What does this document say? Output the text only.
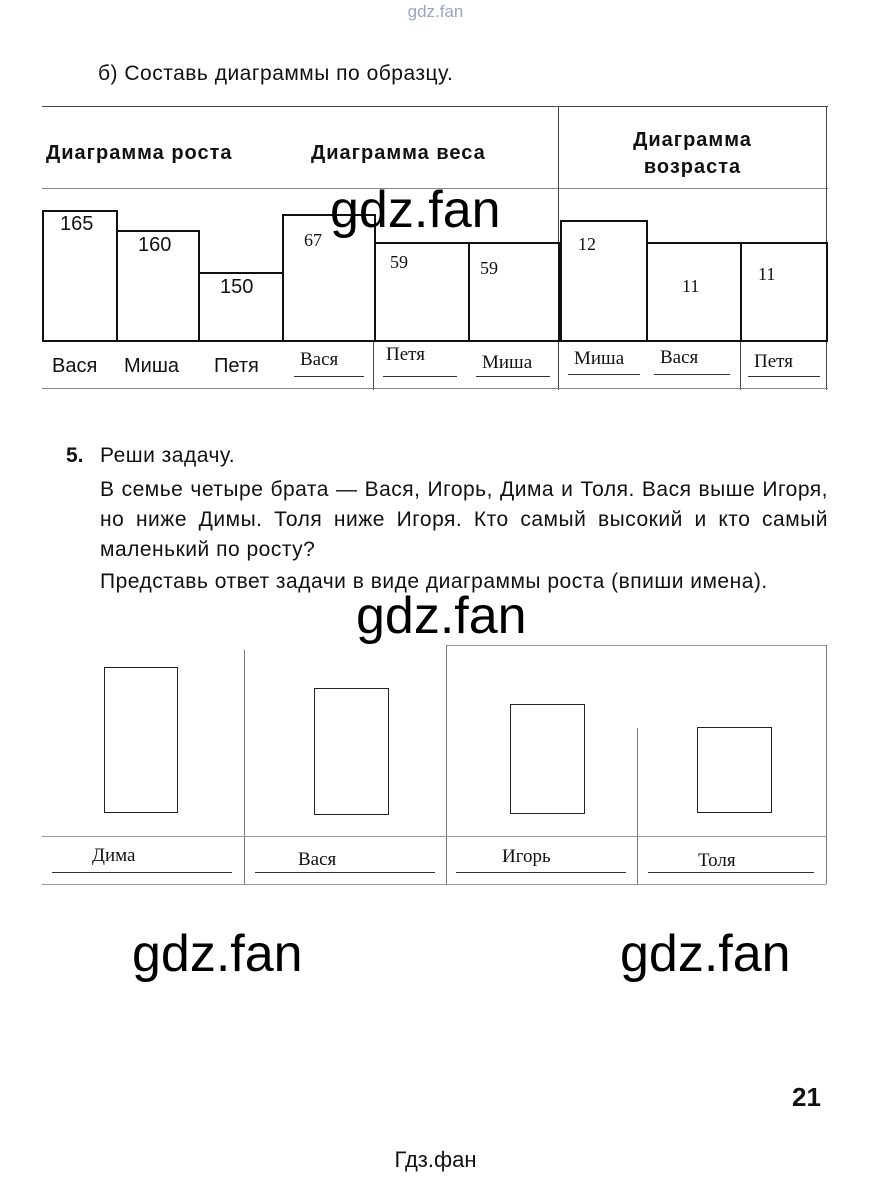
gdz.fan
б) Составь диаграммы по образцу.
Диаграмма роста	Диаграмма веса
Диаграмма
возраста
165
160
150
Вася Миша Петя
67
59	59
Вася	Петя	Миша
12
11
11
Миша Вася	Петя
gdz.fan
5. Реши задачу.
В семье четыре брата — Вася, Игорь, Дима и Толя. Вася выше Игоря, но ниже Димы. Толя ниже Игоря. Кто самый высокий и кто самый маленький по росту?
Представь ответ задачи в виде диаграммы роста (впиши имена).
gdz.fan
Дима	Вася	Игорь	Толя
gdz.fan	gdz.fan
21
Гдз.фан
